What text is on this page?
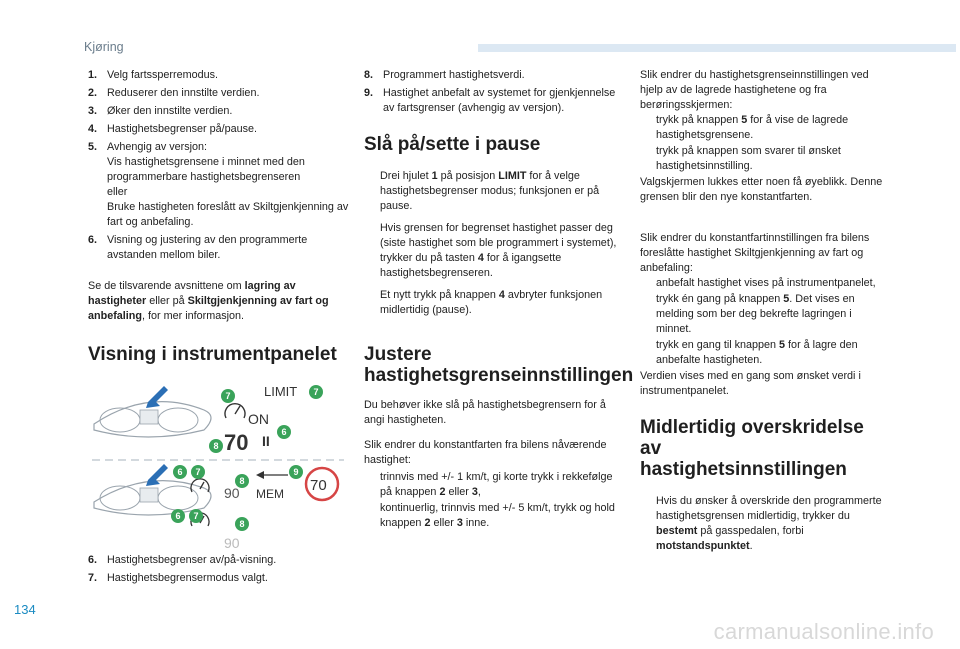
Kjøring
1. Velg fartssperremodus.
2. Reduserer den innstilte verdien.
3. Øker den innstilte verdien.
4. Hastighetsbegrenser på/pause.
5. Avhengig av versjon:
Vis hastighetsgrensene i minnet med den programmerbare hastighetsbegrenseren
eller
Bruke hastigheten foreslått av Skiltgjenkjenning av fart og anbefaling.
6. Visning og justering av den programmerte avstanden mellom biler.

Se de tilsvarende avsnittene om lagring av hastigheter eller på Skiltgjenkjenning av fart og anbefaling, for mer informasjon.

Visning i instrumentpanelet
LIMIT
ON
70 II
90 MEM 70
90
7	7
6
8
6 7
8
9
6 7
8
6. Hastighetsbegrenser av/på-visning.
7. Hastighetsbegrensermodus valgt.
8. Programmert hastighetsverdi.
9. Hastighet anbefalt av systemet for gjenkjennelse av fartsgrenser (avhengig av versjon).
Slå på/sette i pause
Drei hjulet 1 på posisjon LIMIT for å velge hastighetsbegrenser modus; funksjonen er på pause.
Hvis grensen for begrenset hastighet passer deg (siste hastighet som ble programmert i systemet), trykker du på tasten 4 for å igangsette hastighetsbegrenseren.
Et nytt trykk på knappen 4 avbryter funksjonen midlertidig (pause).
Justere
hastighetsgrenseinnstillingen

Du behøver ikke slå på hastighetsbegrensern for å angi hastigheten.

Slik endrer du konstantfarten fra bilens nåværende hastighet:

trinnvis med +/- 1 km/t, gi korte trykk i rekkefølge på knappen 2 eller 3,
kontinuerlig, trinnvis med +/- 5 km/t, trykk og hold knappen 2 eller 3 inne.

Slik endrer du hastighetsgrenseinnstillingen ved hjelp av de lagrede hastighetene og fra berøringsskjermen:

trykk på knappen 5 for å vise de lagrede hastighetsgrensene.
trykk på knappen som svarer til ønsket hastighetsinnstilling.

Valgskjermen lukkes etter noen få øyeblikk. Denne grensen blir den nye konstantfarten.

Slik endrer du konstantfartinnstillingen fra bilens foreslåtte hastighet Skiltgjenkjenning av fart og anbefaling:

anbefalt hastighet vises på instrumentpanelet,
trykk én gang på knappen 5. Det vises en melding som ber deg bekrefte lagringen i minnet.
trykk en gang til knappen 5 for å lagre den anbefalte hastigheten.

Verdien vises med en gang som ønsket verdi i instrumentpanelet.

Midlertidig overskridelse av
hastighetsinnstillingen
Hvis du ønsker å overskride den programmerte hastighetsgrensen midlertidig, trykker du bestemt på gasspedalen, forbi motstandspunktet.
134
carmanualsonline.info
